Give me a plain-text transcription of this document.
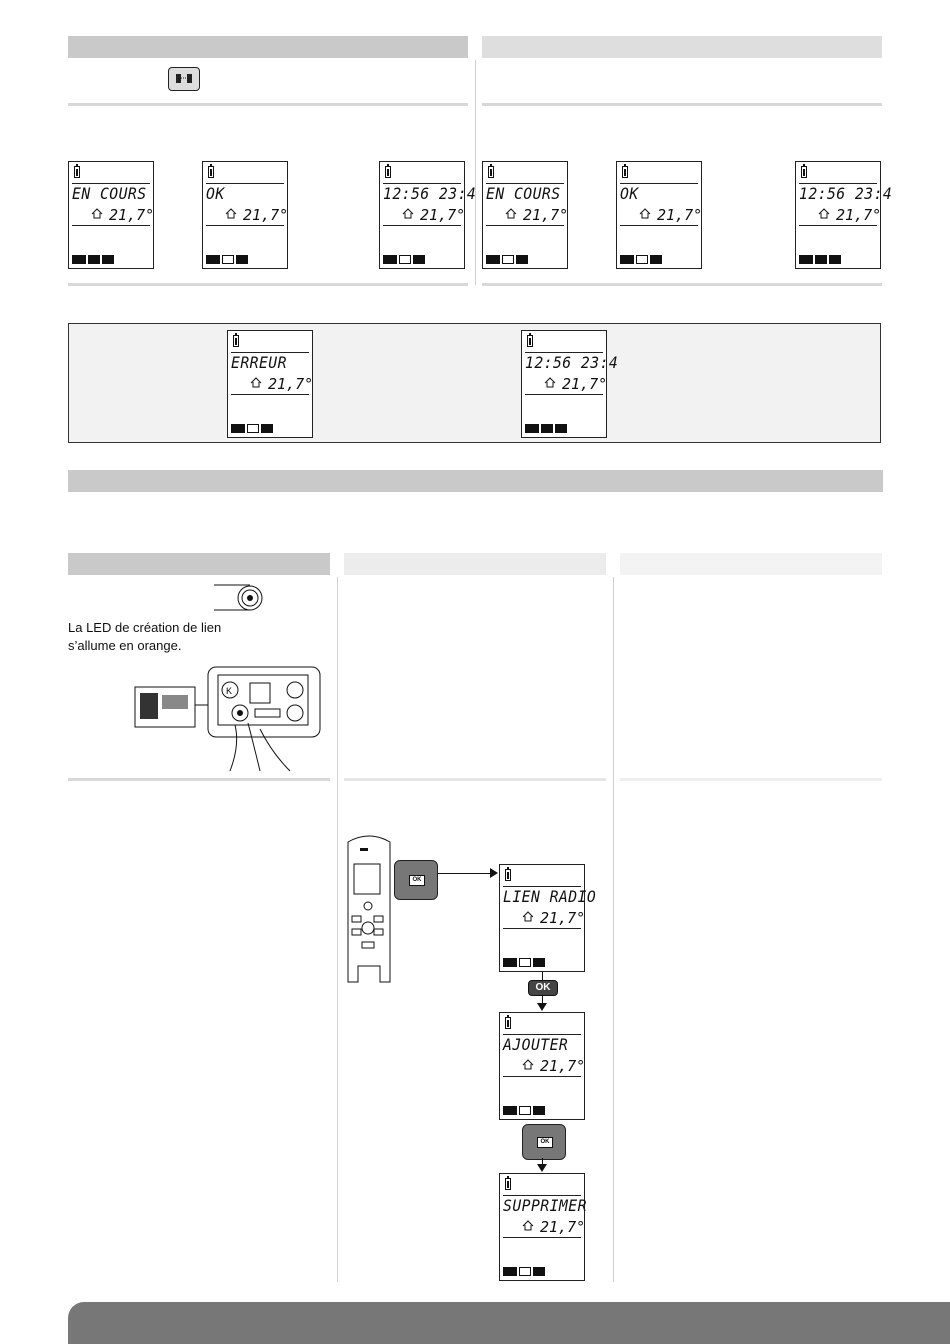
EN COURS
21,7°
OK
21,7°
12:56 23:4
21,7°
EN COURS
21,7°
OK
21,7°
12:56 23:4
21,7°
ERREUR
21,7°
12:56 23:4
21,7°
La LED de création de lien
s’allume en orange.
K
OK
LIEN RADIO
21,7°
OK
AJOUTER
21,7°
OK
SUPPRIMER
21,7°
